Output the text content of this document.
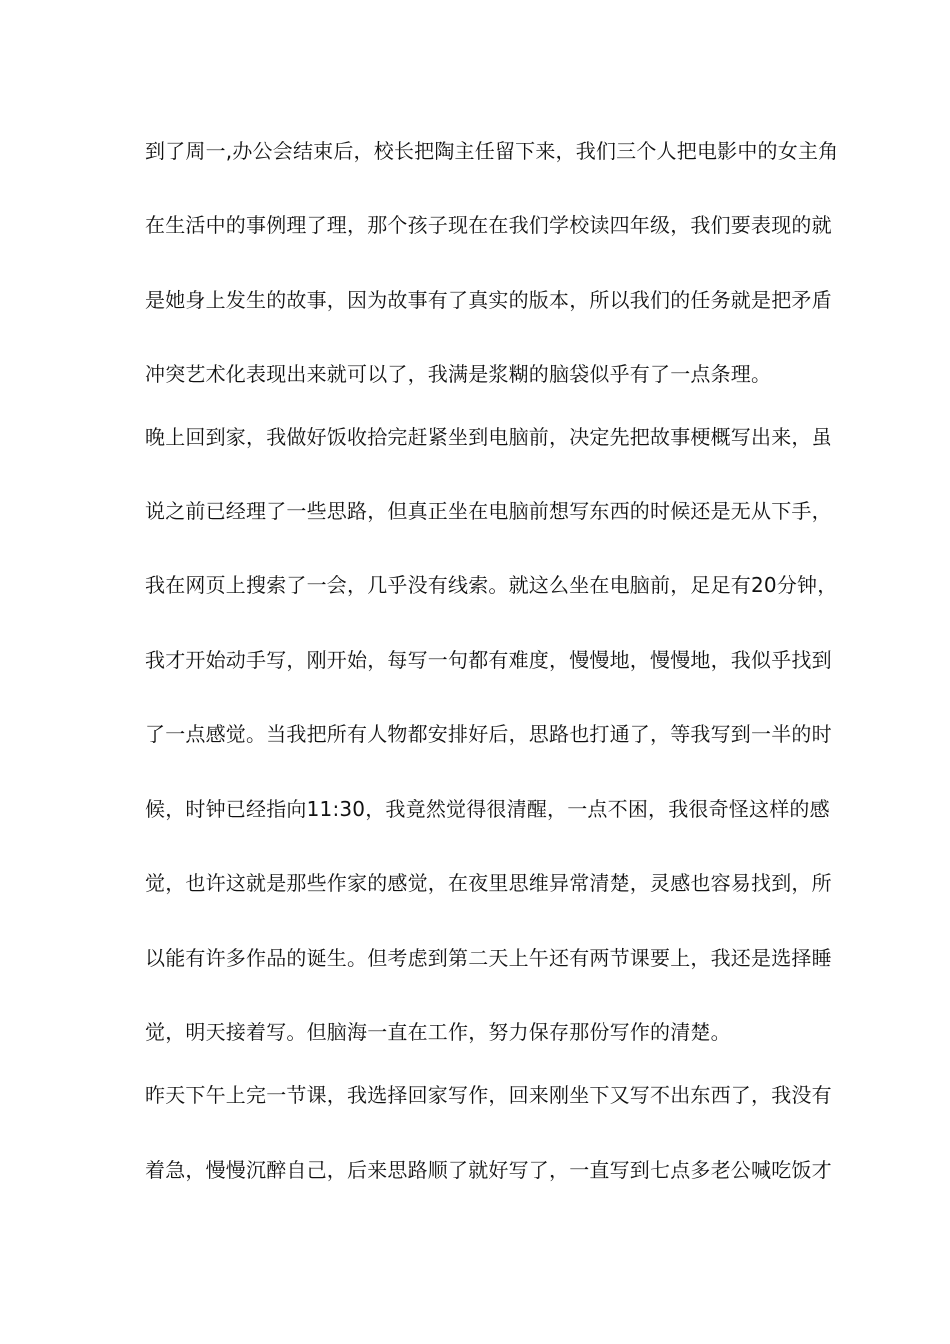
到了周一,办公会结束后，校长把陶主任留下来，我们三个人把电影中的女主角
在生活中的事例理了理，那个孩子现在在我们学校读四年级，我们要表现的就
是她身上发生的故事，因为故事有了真实的版本，所以我们的任务就是把矛盾
冲突艺术化表现出来就可以了，我满是浆糊的脑袋似乎有了一点条理。
晚上回到家，我做好饭收拾完赶紧坐到电脑前，决定先把故事梗概写出来，虽
说之前已经理了一些思路，但真正坐在电脑前想写东西的时候还是无从下手，
我在网页上搜索了一会，几乎没有线索。就这么坐在电脑前，足足有20分钟，
我才开始动手写，刚开始，每写一句都有难度，慢慢地，慢慢地，我似乎找到
了一点感觉。当我把所有人物都安排好后，思路也打通了，等我写到一半的时
候，时钟已经指向11:30，我竟然觉得很清醒，一点不困，我很奇怪这样的感
觉，也许这就是那些作家的感觉，在夜里思维异常清楚，灵感也容易找到，所
以能有许多作品的诞生。但考虑到第二天上午还有两节课要上，我还是选择睡
觉，明天接着写。但脑海一直在工作，努力保存那份写作的清楚。
昨天下午上完一节课，我选择回家写作，回来刚坐下又写不出东西了，我没有
着急，慢慢沉醉自己，后来思路顺了就好写了，一直写到七点多老公喊吃饭才
